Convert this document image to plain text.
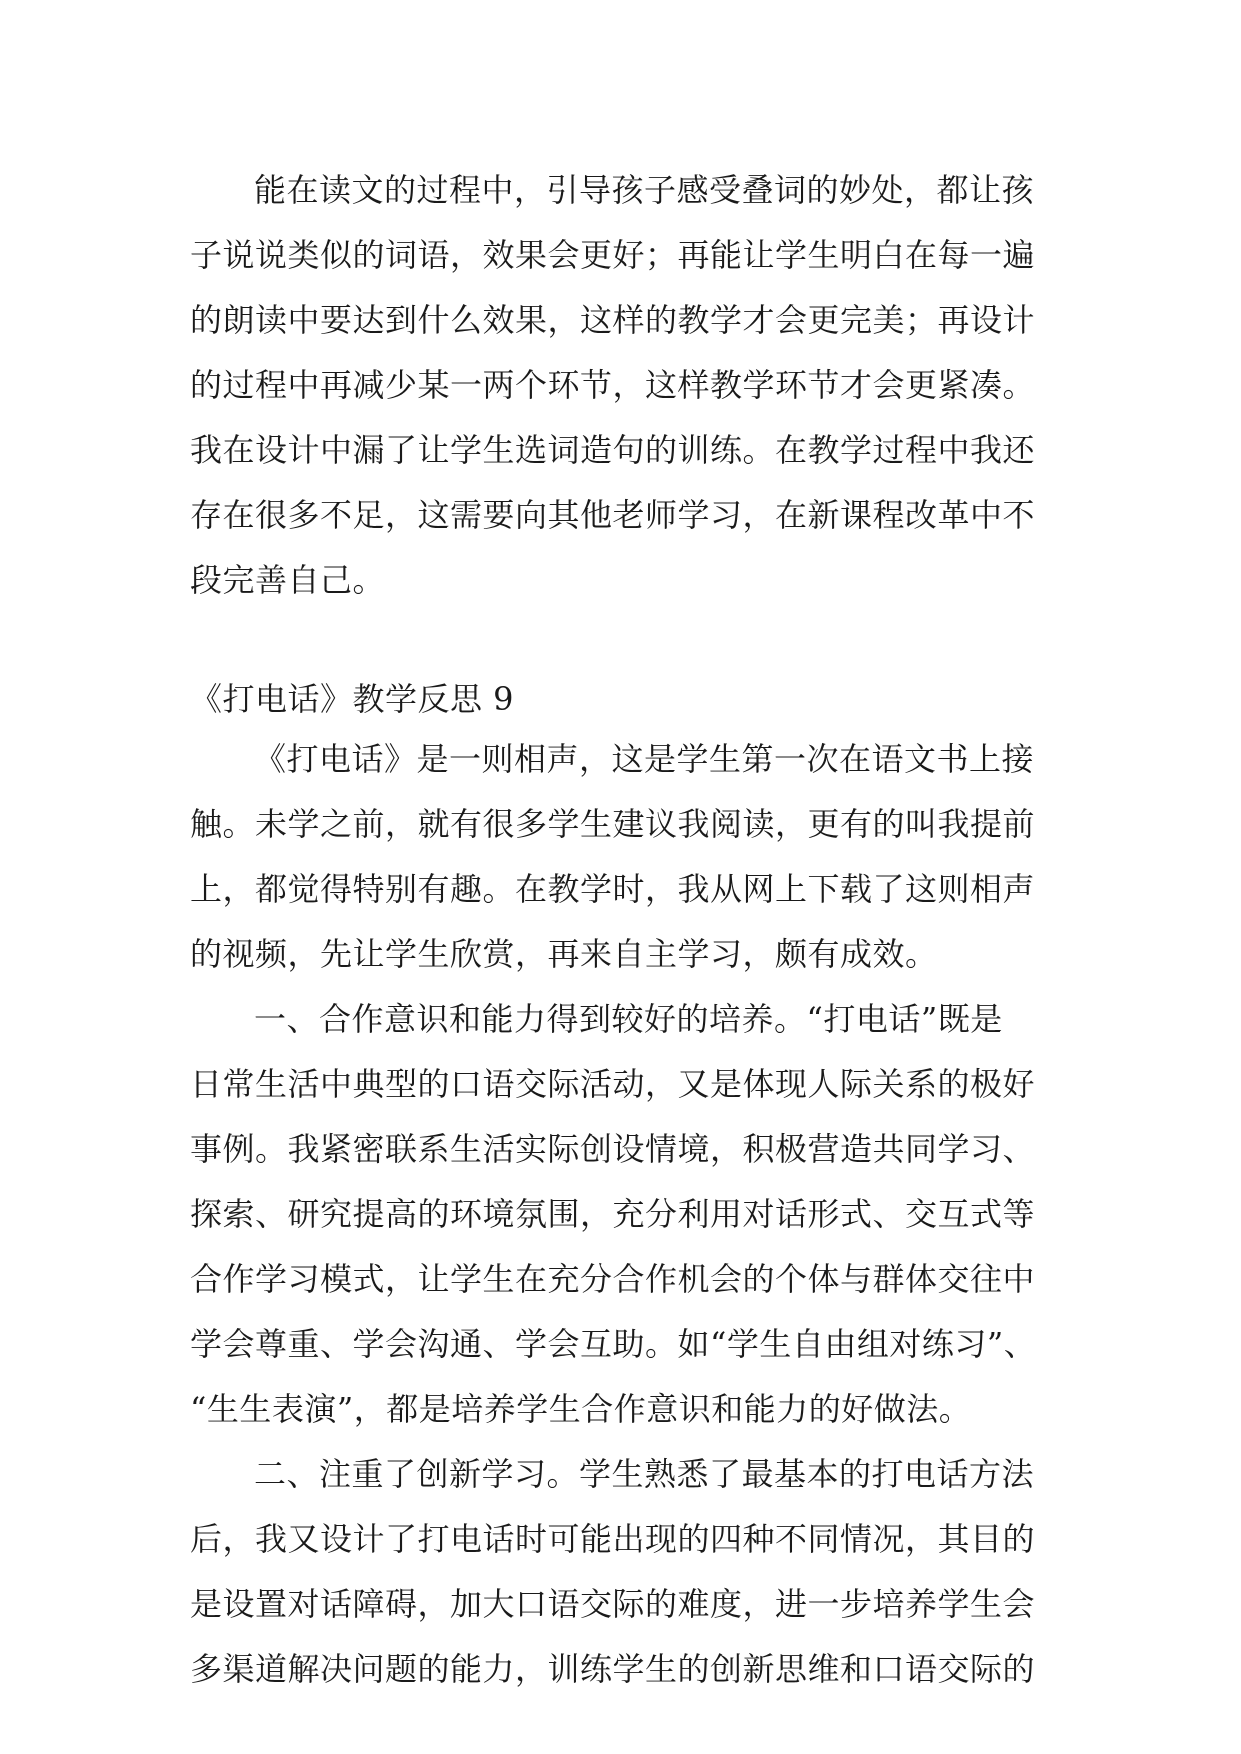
能在读文的过程中，引导孩子感受叠词的妙处，都让孩
子说说类似的词语，效果会更好；再能让学生明白在每一遍
的朗读中要达到什么效果，这样的教学才会更完美；再设计
的过程中再减少某一两个环节，这样教学环节才会更紧凑。
我在设计中漏了让学生选词造句的训练。在教学过程中我还
存在很多不足，这需要向其他老师学习，在新课程改革中不
段完善自己。
《打电话》教学反思 9
《打电话》是一则相声，这是学生第一次在语文书上接
触。未学之前，就有很多学生建议我阅读，更有的叫我提前
上，都觉得特别有趣。在教学时，我从网上下载了这则相声
的视频，先让学生欣赏，再来自主学习，颇有成效。
一、合作意识和能力得到较好的培养。“打电话”既是
日常生活中典型的口语交际活动，又是体现人际关系的极好
事例。我紧密联系生活实际创设情境，积极营造共同学习、
探索、研究提高的环境氛围，充分利用对话形式、交互式等
合作学习模式，让学生在充分合作机会的个体与群体交往中
学会尊重、学会沟通、学会互助。如“学生自由组对练习”、
“生生表演”，都是培养学生合作意识和能力的好做法。
二、注重了创新学习。学生熟悉了最基本的打电话方法
后，我又设计了打电话时可能出现的四种不同情况，其目的
是设置对话障碍，加大口语交际的难度，进一步培养学生会
多渠道解决问题的能力，训练学生的创新思维和口语交际的
